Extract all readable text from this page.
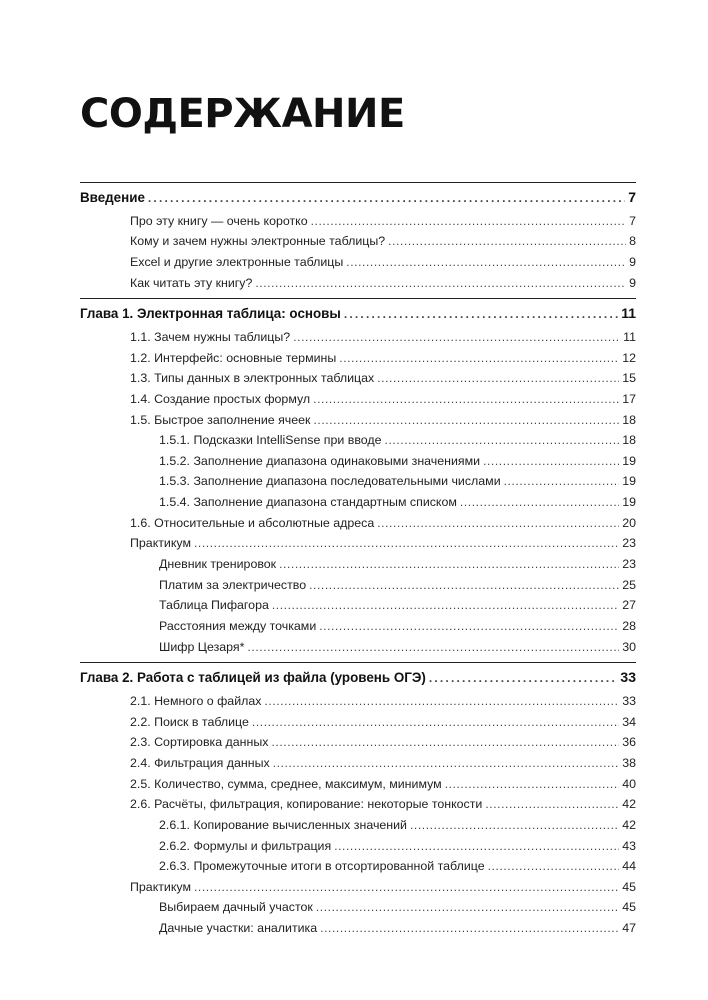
СОДЕРЖАНИЕ
Введение .....	7
Про эту книгу — очень коротко .....	7
Кому и зачем нужны электронные таблицы? .....	8
Excel и другие электронные таблицы .....	9
Как читать эту книгу? .....	9
Глава 1. Электронная таблица: основы .....	11
1.1. Зачем нужны таблицы? .....	11
1.2. Интерфейс: основные термины .....	12
1.3. Типы данных в электронных таблицах .....	15
1.4. Создание простых формул .....	17
1.5. Быстрое заполнение ячеек .....	18
1.5.1. Подсказки IntelliSense при вводе .....	18
1.5.2. Заполнение диапазона одинаковыми значениями .....	19
1.5.3. Заполнение диапазона последовательными числами .....	19
1.5.4. Заполнение диапазона стандартным списком .....	19
1.6. Относительные и абсолютные адреса .....	20
Практикум .....	23
Дневник тренировок .....	23
Платим за электричество .....	25
Таблица Пифагора .....	27
Расстояния между точками .....	28
Шифр Цезаря* .....	30
Глава 2. Работа с таблицей из файла (уровень ОГЭ) .....	33
2.1. Немного о файлах .....	33
2.2. Поиск в таблице .....	34
2.3. Сортировка данных .....	36
2.4. Фильтрация данных .....	38
2.5. Количество, сумма, среднее, максимум, минимум .....	40
2.6. Расчёты, фильтрация, копирование: некоторые тонкости .....	42
2.6.1. Копирование вычисленных значений .....	42
2.6.2. Формулы и фильтрация .....	43
2.6.3. Промежуточные итоги в отсортированной таблице .....	44
Практикум .....	45
Выбираем дачный участок .....	45
Дачные участки: аналитика .....	47
